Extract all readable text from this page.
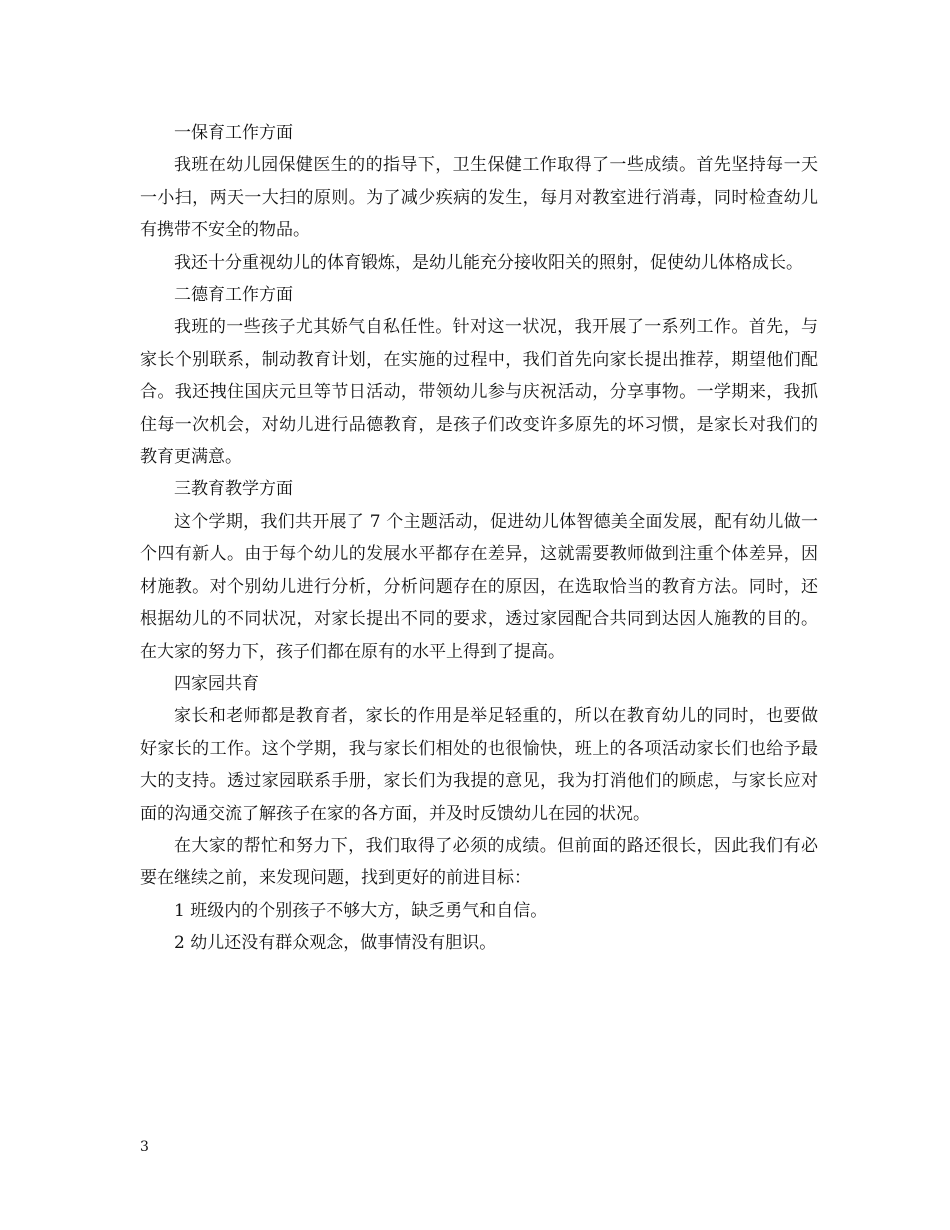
一保育工作方面

我班在幼儿园保健医生的的指导下，卫生保健工作取得了一些成绩。首先坚持每一天一小扫，两天一大扫的原则。为了减少疾病的发生，每月对教室进行消毒，同时检查幼儿有携带不安全的物品。

我还十分重视幼儿的体育锻炼，是幼儿能充分接收阳关的照射，促使幼儿体格成长。

二德育工作方面

我班的一些孩子尤其娇气自私任性。针对这一状况，我开展了一系列工作。首先，与家长个别联系，制动教育计划，在实施的过程中，我们首先向家长提出推荐，期望他们配合。我还拽住国庆元旦等节日活动，带领幼儿参与庆祝活动，分享事物。一学期来，我抓住每一次机会，对幼儿进行品德教育，是孩子们改变许多原先的坏习惯，是家长对我们的教育更满意。

三教育教学方面

这个学期，我们共开展了 7 个主题活动，促进幼儿体智德美全面发展，配有幼儿做一个四有新人。由于每个幼儿的发展水平都存在差异，这就需要教师做到注重个体差异，因材施教。对个别幼儿进行分析，分析问题存在的原因，在选取恰当的教育方法。同时，还根据幼儿的不同状况，对家长提出不同的要求，透过家园配合共同到达因人施教的目的。在大家的努力下，孩子们都在原有的水平上得到了提高。

四家园共育

家长和老师都是教育者，家长的作用是举足轻重的，所以在教育幼儿的同时，也要做好家长的工作。这个学期，我与家长们相处的也很愉快，班上的各项活动家长们也给予最大的支持。透过家园联系手册，家长们为我提的意见，我为打消他们的顾虑，与家长应对面的沟通交流了解孩子在家的各方面，并及时反馈幼儿在园的状况。

在大家的帮忙和努力下，我们取得了必须的成绩。但前面的路还很长，因此我们有必要在继续之前，来发现问题，找到更好的前进目标：

1 班级内的个别孩子不够大方，缺乏勇气和自信。

2 幼儿还没有群众观念，做事情没有胆识。

3
